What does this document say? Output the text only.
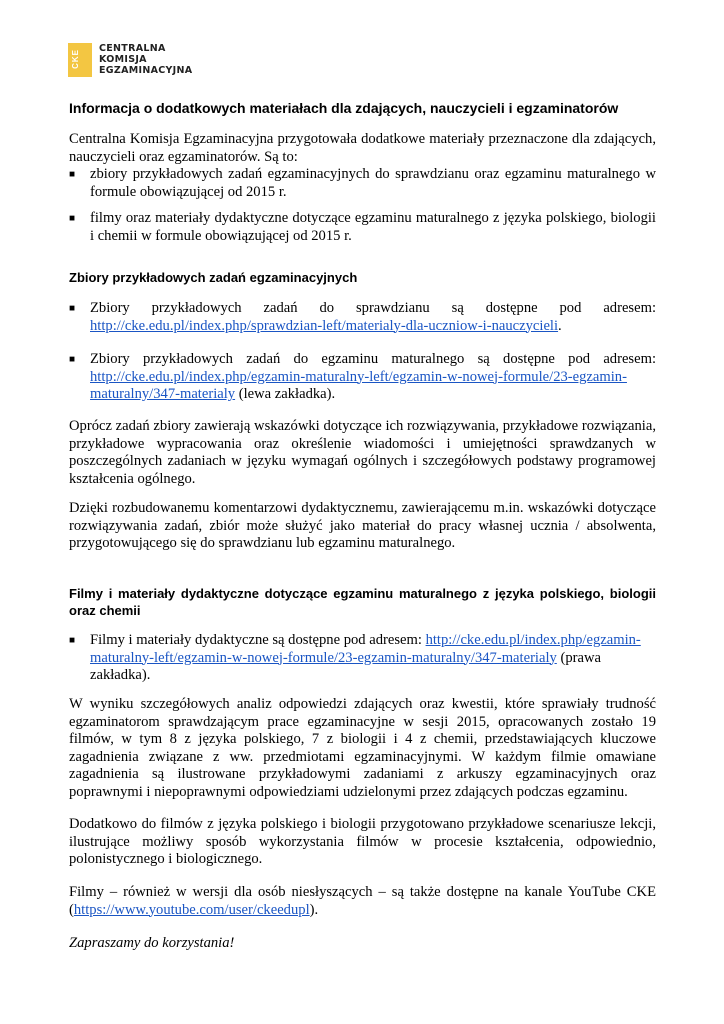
CKE
CENTRALNA
KOMISJA
EGZAMINACYJNA
Informacja o dodatkowych materiałach dla zdających, nauczycieli i egzaminatorów
Centralna Komisja Egzaminacyjna przygotowała dodatkowe materiały przeznaczone dla zdających, nauczycieli oraz egzaminatorów. Są to:
■ zbiory przykładowych zadań egzaminacyjnych do sprawdzianu oraz egzaminu maturalnego w formule obowiązującej od 2015 r.
■ filmy oraz materiały dydaktyczne dotyczące egzaminu maturalnego z języka polskiego, biologii i chemii w formule obowiązującej od 2015 r.
Zbiory przykładowych zadań egzaminacyjnych
■ Zbiory przykładowych zadań do sprawdzianu są dostępne pod adresem:
http://cke.edu.pl/index.php/sprawdzian-left/materialy-dla-uczniow-i-nauczycieli.
■ Zbiory przykładowych zadań do egzaminu maturalnego są dostępne pod adresem:
http://cke.edu.pl/index.php/egzamin-maturalny-left/egzamin-w-nowej-formule/23-egzamin-
maturalny/347-materialy (lewa zakładka).
Oprócz zadań zbiory zawierają wskazówki dotyczące ich rozwiązywania, przykładowe rozwiązania, przykładowe wypracowania oraz określenie wiadomości i umiejętności sprawdzanych w poszczególnych zadaniach w języku wymagań ogólnych i szczegółowych podstawy programowej kształcenia ogólnego.
Dzięki rozbudowanemu komentarzowi dydaktycznemu, zawierającemu m.in. wskazówki dotyczące rozwiązywania zadań, zbiór może służyć jako materiał do pracy własnej ucznia / absolwenta, przygotowującego się do sprawdzianu lub egzaminu maturalnego.
Filmy i materiały dydaktyczne dotyczące egzaminu maturalnego z języka polskiego, biologii oraz chemii
■ Filmy i materiały dydaktyczne są dostępne pod adresem: http://cke.edu.pl/index.php/egzamin-
maturalny-left/egzamin-w-nowej-formule/23-egzamin-maturalny/347-materialy (prawa zakładka).
W wyniku szczegółowych analiz odpowiedzi zdających oraz kwestii, które sprawiały trudność egzaminatorom sprawdzającym prace egzaminacyjne w sesji 2015, opracowanych zostało 19 filmów, w tym 8 z języka polskiego, 7 z biologii i 4 z chemii, przedstawiających kluczowe zagadnienia związane z ww. przedmiotami egzaminacyjnymi. W każdym filmie omawiane zagadnienia są ilustrowane przykładowymi zadaniami z arkuszy egzaminacyjnych oraz poprawnymi i niepoprawnymi odpowiedziami udzielonymi przez zdających podczas egzaminu.
Dodatkowo do filmów z języka polskiego i biologii przygotowano przykładowe scenariusze lekcji, ilustrujące możliwy sposób wykorzystania filmów w procesie kształcenia, odpowiednio, polonistycznego i biologicznego.
Filmy – również w wersji dla osób niesłyszących – są także dostępne na kanale YouTube CKE (https://www.youtube.com/user/ckeedupl).
Zapraszamy do korzystania!
